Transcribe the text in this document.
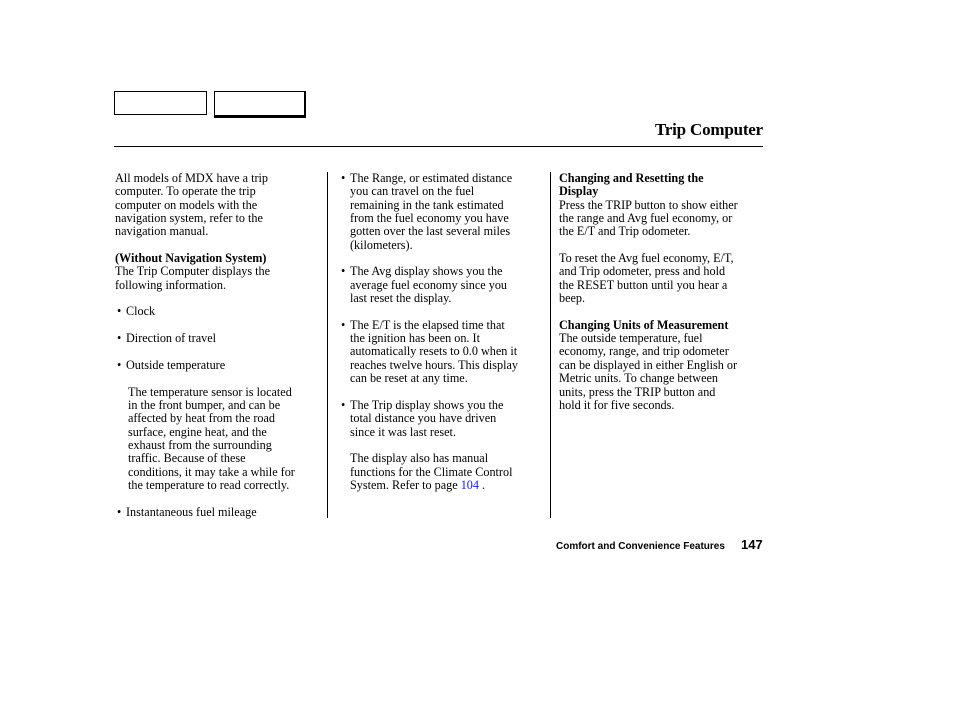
Trip Computer

All models of MDX have a trip
computer. To operate the trip
computer on models with the
navigation system, refer to the
navigation manual.

(Without Navigation System)

The Trip Computer displays the
following information.

• Clock

• Direction of travel

• Outside temperature

The temperature sensor is located
in the front bumper, and can be
affected by heat from the road
surface, engine heat, and the
exhaust from the surrounding
traffic. Because of these
conditions, it may take a while for
the temperature to read correctly.

• Instantaneous fuel mileage

• The Range, or estimated distance
you can travel on the fuel
remaining in the tank estimated
from the fuel economy you have
gotten over the last several miles
(kilometers).

• The Avg display shows you the
average fuel economy since you
last reset the display.

• The E/T is the elapsed time that
the ignition has been on. It
automatically resets to 0.0 when it
reaches twelve hours. This display
can be reset at any time.

• The Trip display shows you the
total distance you have driven
since it was last reset.

The display also has manual
functions for the Climate Control
System. Refer to page 104 .

Changing and Resetting the
Display

Press the TRIP button to show either
the range and Avg fuel economy, or
the E/T and Trip odometer.

To reset the Avg fuel economy, E/T,
and Trip odometer, press and hold
the RESET button until you hear a
beep.

Changing Units of Measurement

The outside temperature, fuel
economy, range, and trip odometer
can be displayed in either English or
Metric units. To change between
units, press the TRIP button and
hold it for five seconds.

Comfort and Convenience Features 147
